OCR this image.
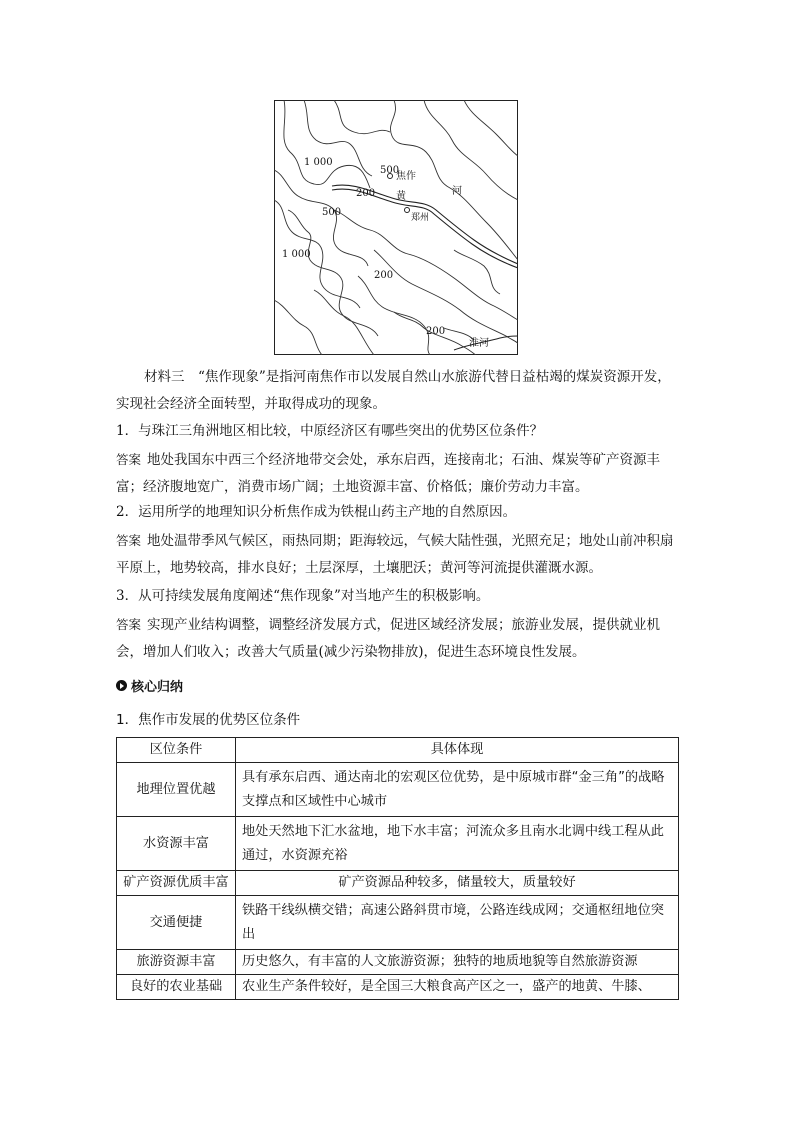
1 000
500
焦作
200 黄	河
500	郑州
1 000
200
200
淮河
材料三　“焦作现象”是指河南焦作市以发展自然山水旅游代替日益枯竭的煤炭资源开发，实现社会经济全面转型，并取得成功的现象。
1．与珠江三角洲地区相比较，中原经济区有哪些突出的优势区位条件？
答案 地处我国东中西三个经济地带交会处，承东启西，连接南北；石油、煤炭等矿产资源丰富；经济腹地宽广，消费市场广阔；土地资源丰富、价格低；廉价劳动力丰富。
2．运用所学的地理知识分析焦作成为铁棍山药主产地的自然原因。
答案 地处温带季风气候区，雨热同期；距海较远，气候大陆性强，光照充足；地处山前冲积扇平原上，地势较高，排水良好；土层深厚，土壤肥沃；黄河等河流提供灌溉水源。
3．从可持续发展角度阐述“焦作现象”对当地产生的积极影响。
答案 实现产业结构调整，调整经济发展方式，促进区域经济发展；旅游业发展，提供就业机会，增加人们收入；改善大气质量(减少污染物排放)，促进生态环境良性发展。
核心归纳
1．焦作市发展的优势区位条件
区位条件	具体体现
地理位置优越	具有承东启西、通达南北的宏观区位优势，是中原城市群“金三角”的战略支撑点和区域性中心城市
水资源丰富	地处天然地下汇水盆地，地下水丰富；河流众多且南水北调中线工程从此通过，水资源充裕
矿产资源优质丰富	矿产资源品种较多，储量较大，质量较好
交通便捷	铁路干线纵横交错；高速公路斜贯市境，公路连线成网；交通枢纽地位突出
旅游资源丰富	历史悠久，有丰富的人文旅游资源；独特的地质地貌等自然旅游资源
良好的农业基础	农业生产条件较好，是全国三大粮食高产区之一，盛产的地黄、牛膝、
